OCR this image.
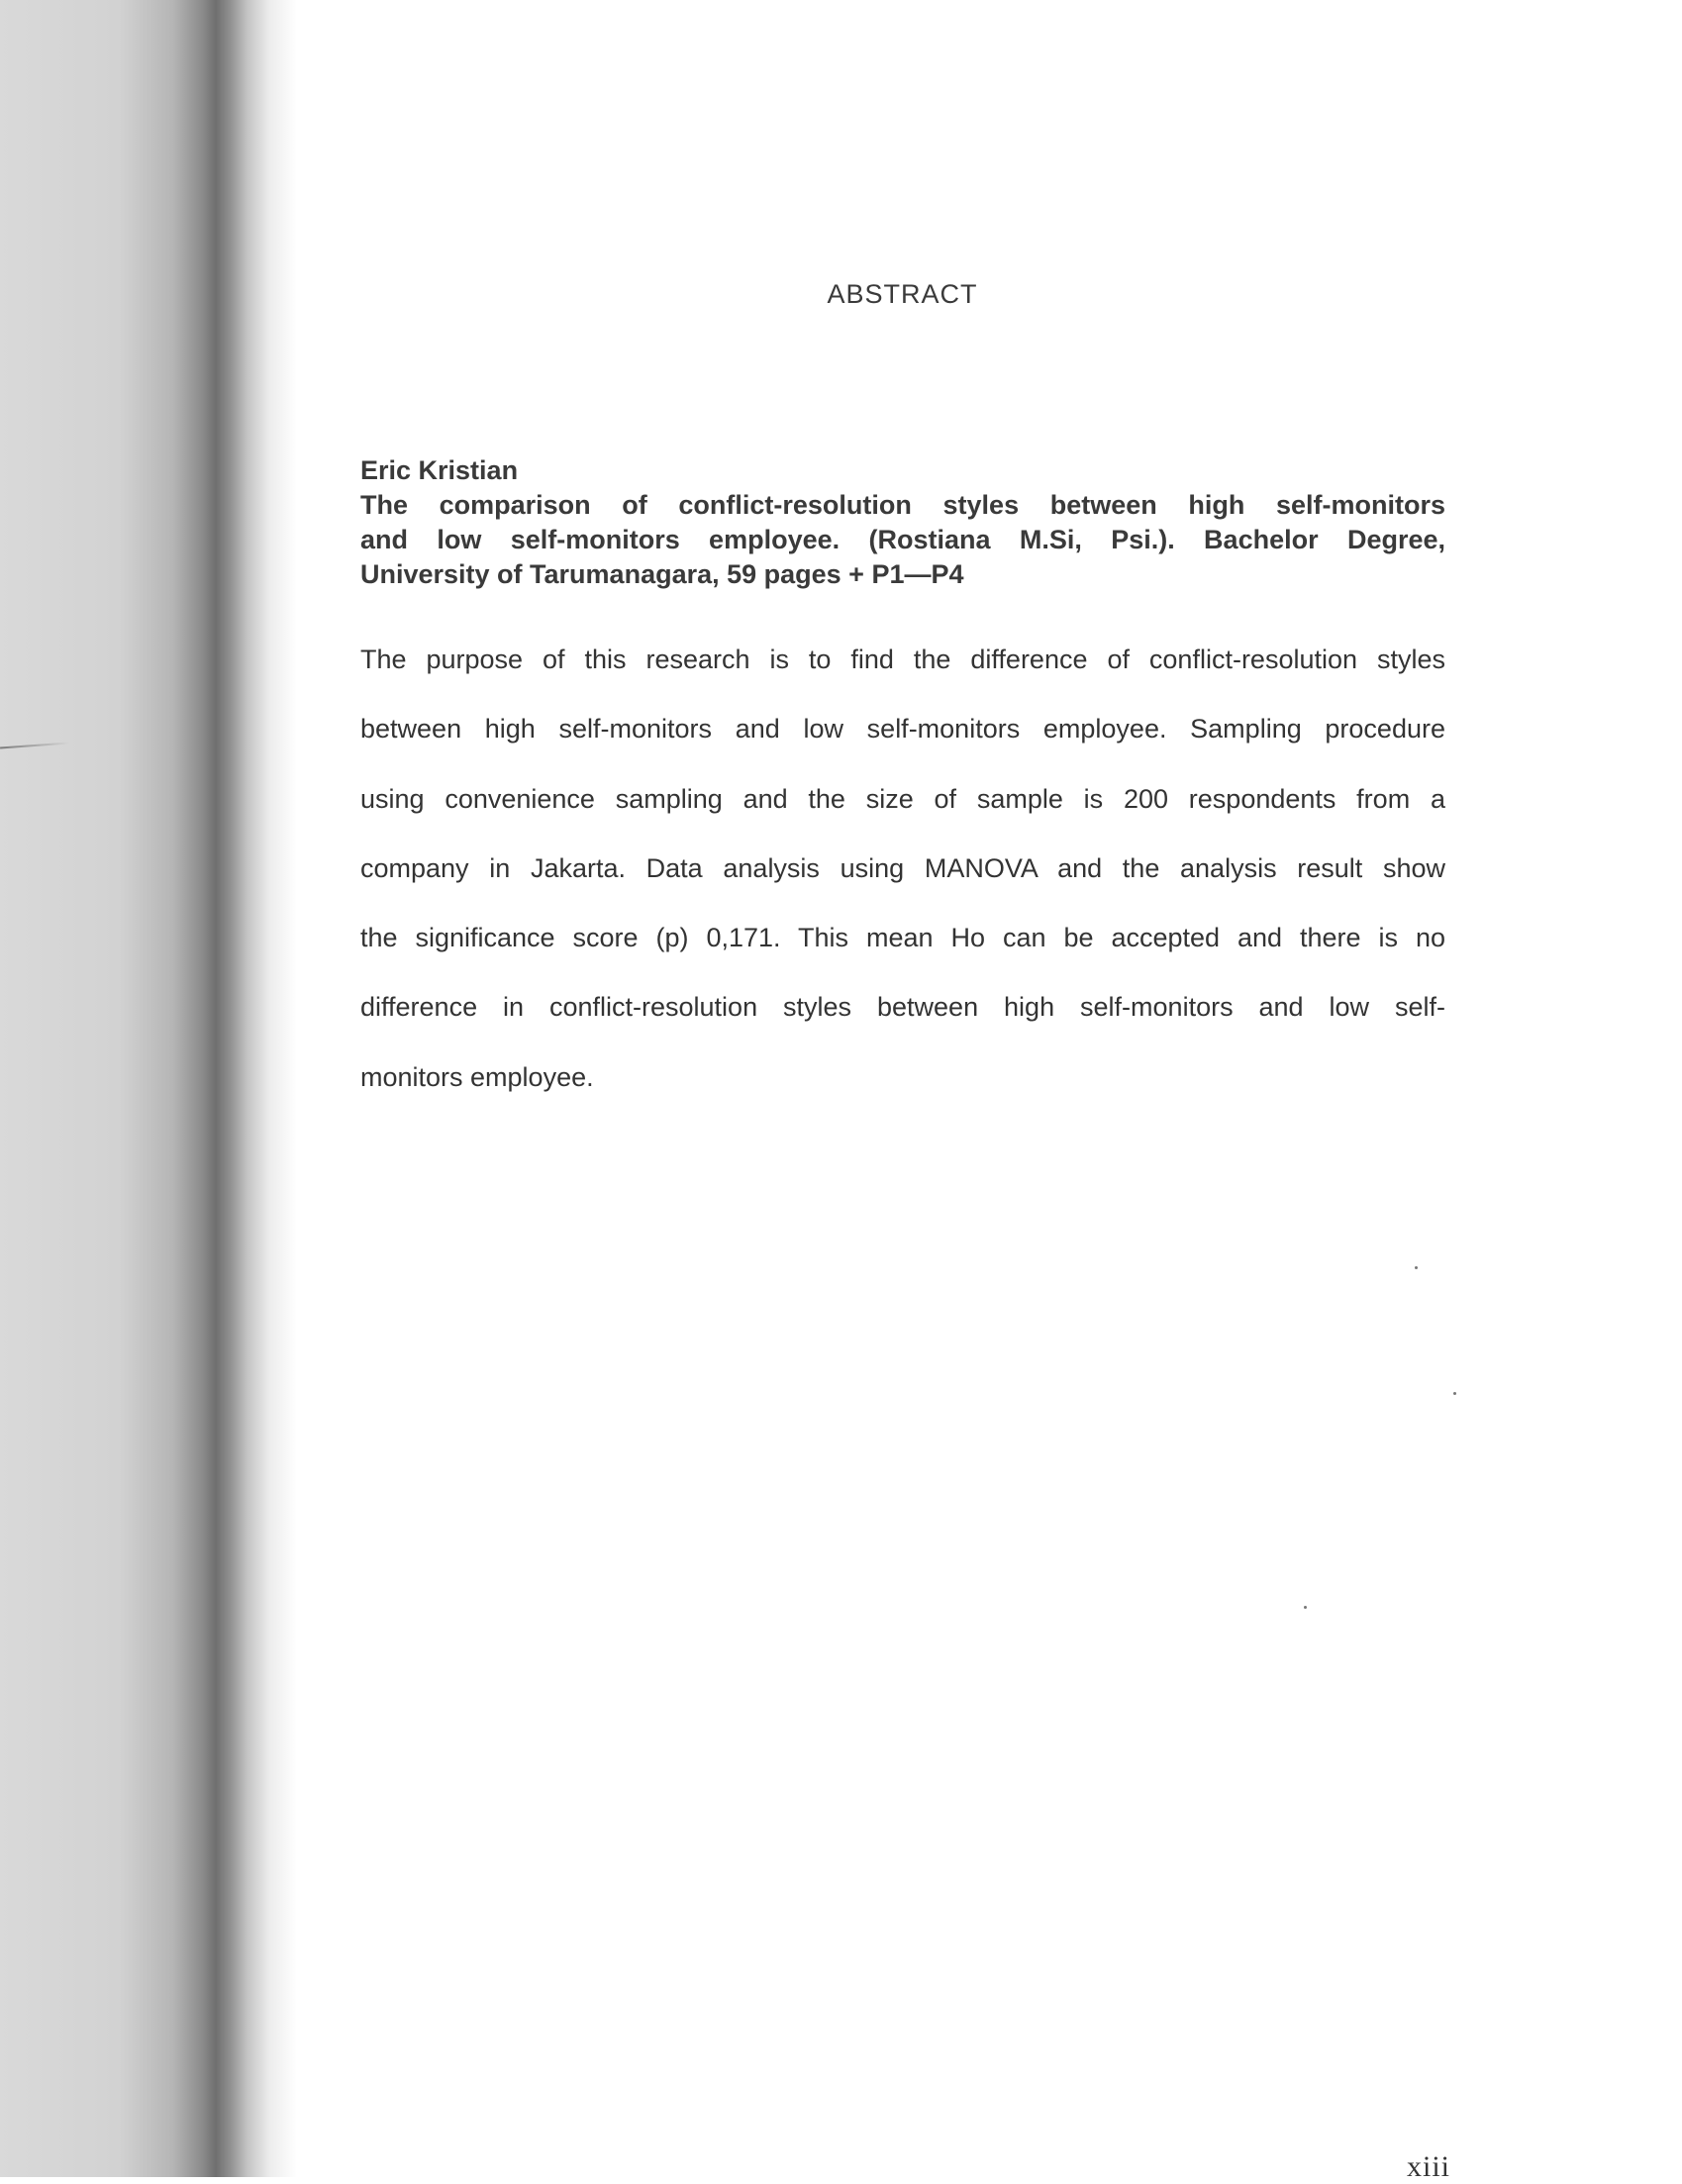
ABSTRACT
Eric Kristian
The comparison of conflict-resolution styles between high self-monitors
and low self-monitors employee. (Rostiana M.Si, Psi.). Bachelor Degree,
University of Tarumanagara, 59 pages + P1—P4
The purpose of this research is to find the difference of conflict-resolution styles
between high self-monitors and low self-monitors employee. Sampling procedure
using convenience sampling and the size of sample is 200 respondents from a
company in Jakarta. Data analysis using MANOVA and the analysis result show
the significance score (p) 0,171. This mean Ho can be accepted and there is no
difference in conflict-resolution styles between high self-monitors and low self-
monitors employee.
xiii
